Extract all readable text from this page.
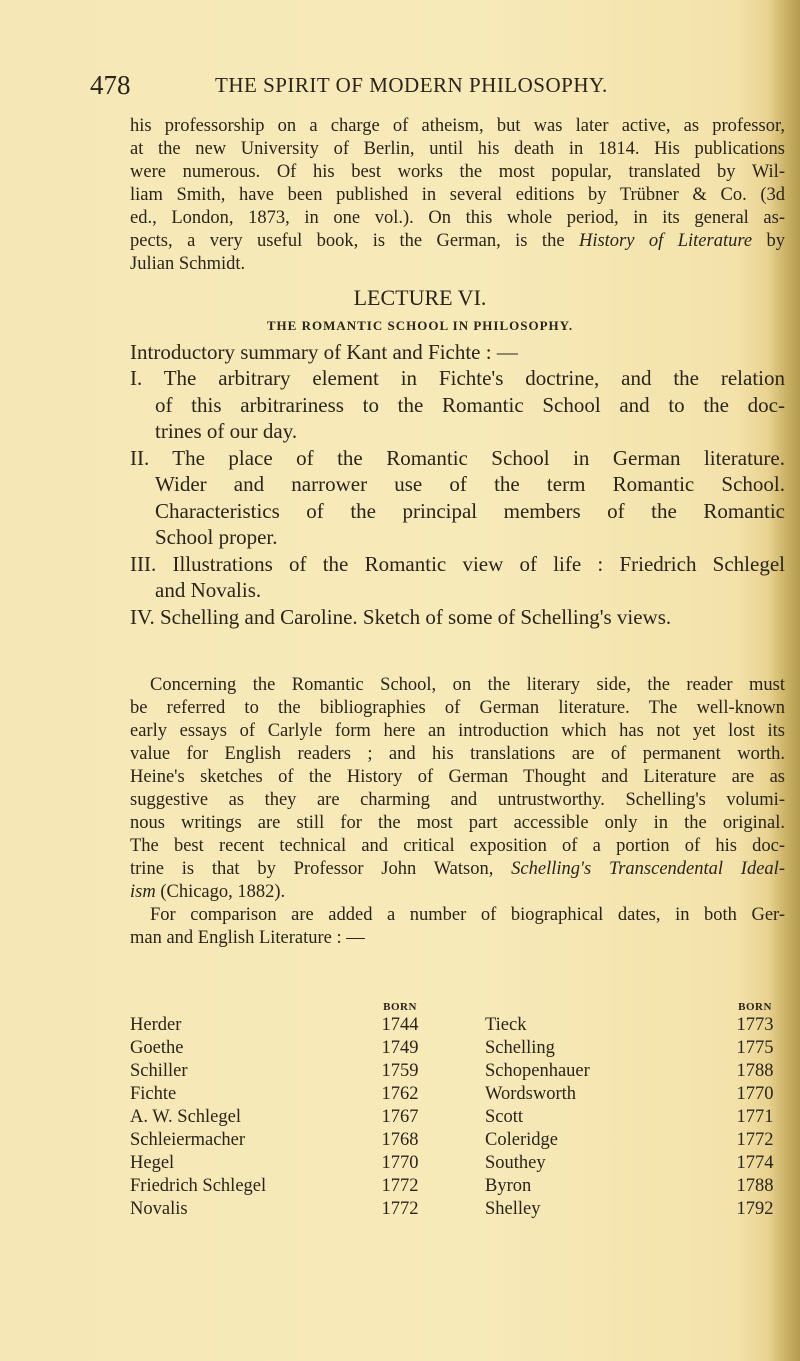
478	THE SPIRIT OF MODERN PHILOSOPHY.
his professorship on a charge of atheism, but was later active, as professor,
at the new University of Berlin, until his death in 1814. His publications
were numerous. Of his best works the most popular, translated by Wil-
liam Smith, have been published in several editions by Trübner & Co. (3d
ed., London, 1873, in one vol.). On this whole period, in its general as-
pects, a very useful book, is the German, is the History of Literature by
Julian Schmidt.
LECTURE VI.
THE ROMANTIC SCHOOL IN PHILOSOPHY.
Introductory summary of Kant and Fichte : —
I. The arbitrary element in Fichte's doctrine, and the relation
of this arbitrariness to the Romantic School and to the doc-
trines of our day.
II. The place of the Romantic School in German literature.
Wider and narrower use of the term Romantic School.
Characteristics of the principal members of the Romantic
School proper.
III. Illustrations of the Romantic view of life : Friedrich Schlegel
and Novalis.
IV. Schelling and Caroline. Sketch of some of Schelling's views.
Concerning the Romantic School, on the literary side, the reader must
be referred to the bibliographies of German literature. The well-known
early essays of Carlyle form here an introduction which has not yet lost its
value for English readers ; and his translations are of permanent worth.
Heine's sketches of the History of German Thought and Literature are as
suggestive as they are charming and untrustworthy. Schelling's volumi-
nous writings are still for the most part accessible only in the original.
The best recent technical and critical exposition of a portion of his doc-
trine is that by Professor John Watson, Schelling's Transcendental Ideal-
ism (Chicago, 1882).
For comparison are added a number of biographical dates, in both Ger-
man and English Literature : —
	BORN			BORN
Herder	1744		Tieck	1773
Goethe	1749		Schelling	1775
Schiller	1759		Schopenhauer	1788
Fichte	1762		Wordsworth	1770
A. W. Schlegel	1767		Scott	1771
Schleiermacher	1768		Coleridge	1772
Hegel	1770		Southey	1774
Friedrich Schlegel	1772		Byron	1788
Novalis	1772		Shelley	1792
